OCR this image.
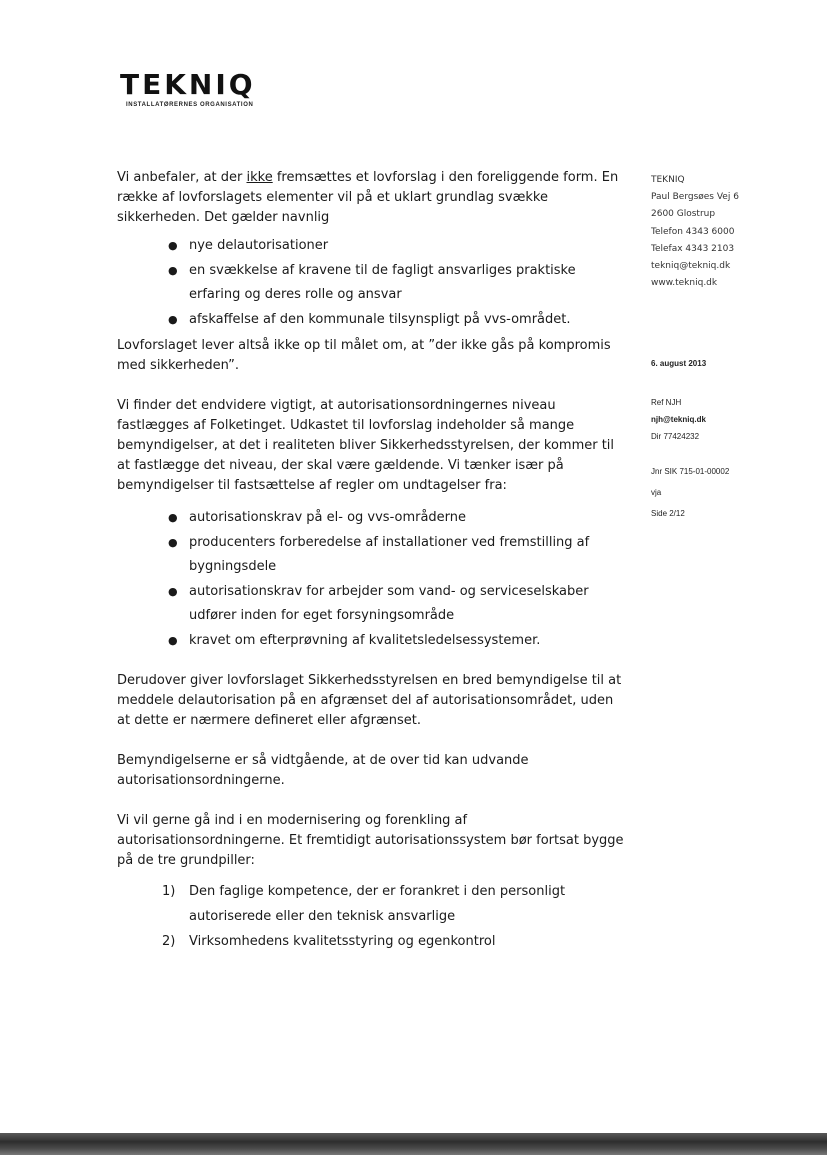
TEKNIQ
INSTALLATØRERNES ORGANISATION

Vi anbefaler, at der ikke fremsættes et lovforslag i den foreliggende form. En række af lovforslagets elementer vil på et uklart grundlag svække sikkerheden. Det gælder navnlig

● nye delautorisationer
● en svækkelse af kravene til de fagligt ansvarliges praktiske erfaring og deres rolle og ansvar
● afskaffelse af den kommunale tilsynspligt på vvs-området.

Lovforslaget lever altså ikke op til målet om, at ”der ikke gås på kompromis med sikkerheden”.

Vi finder det endvidere vigtigt, at autorisationsordningernes niveau fastlægges af Folketinget. Udkastet til lovforslag indeholder så mange bemyndigelser, at det i realiteten bliver Sikkerhedsstyrelsen, der kommer til at fastlægge det niveau, der skal være gældende. Vi tænker især på bemyndigelser til fastsættelse af regler om undtagelser fra:

● autorisationskrav på el- og vvs-områderne
● producenters forberedelse af installationer ved fremstilling af bygningsdele
● autorisationskrav for arbejder som vand- og serviceselskaber udfører inden for eget forsyningsområde
● kravet om efterprøvning af kvalitetsledelsessystemer.

Derudover giver lovforslaget Sikkerhedsstyrelsen en bred bemyndigelse til at meddele delautorisation på en afgrænset del af autorisationsområdet, uden at dette er nærmere defineret eller afgrænset.

Bemyndigelserne er så vidtgående, at de over tid kan udvande autorisationsordningerne.

Vi vil gerne gå ind i en modernisering og forenkling af autorisationsordningerne. Et fremtidigt autorisationssystem bør fortsat bygge på de tre grundpiller:

1) Den faglige kompetence, der er forankret i den personligt autoriserede eller den teknisk ansvarlige
2) Virksomhedens kvalitetsstyring og egenkontrol
TEKNIQ
Paul Bergsøes Vej 6
2600 Glostrup
Telefon 4343 6000
Telefax 4343 2103
tekniq@tekniq.dk
www.tekniq.dk
6. august 2013
Ref NJH
njh@tekniq.dk
Dir 77424232
Jnr SIK 715-01-00002
vja
Side 2/12
